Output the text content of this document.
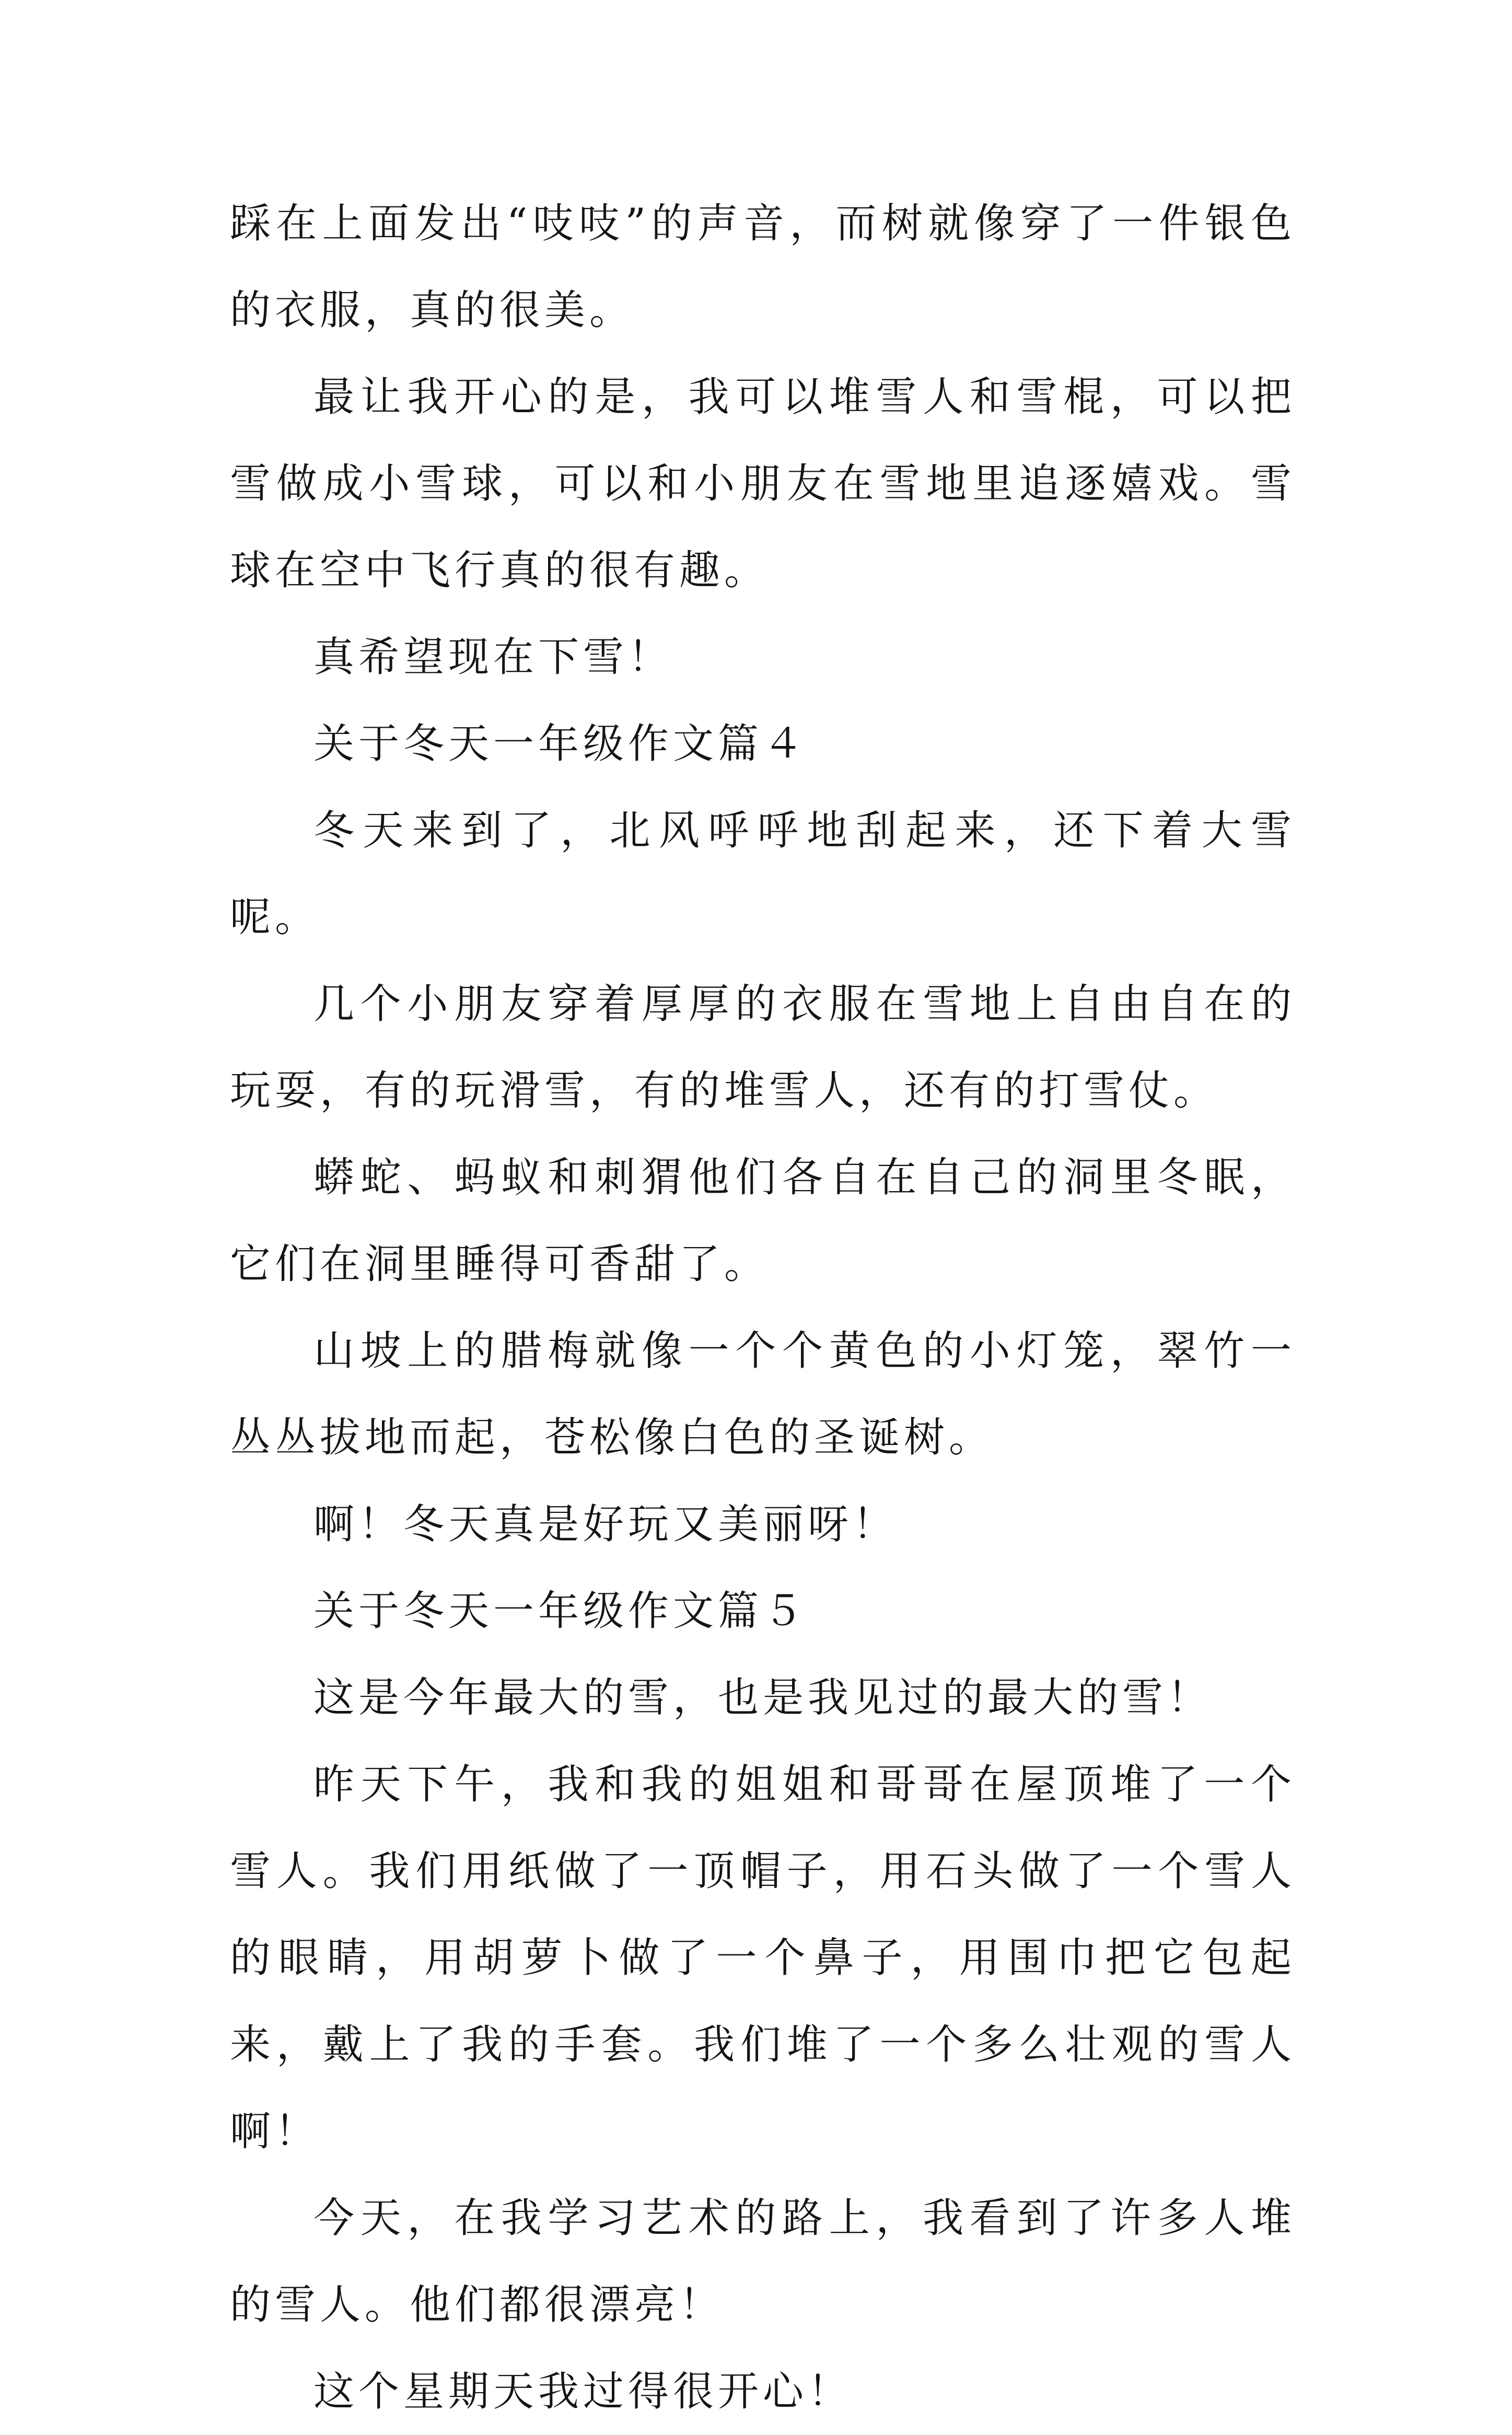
踩在上面发出“吱吱”的声音，而树就像穿了一件银色的衣服，真的很美。

最让我开心的是，我可以堆雪人和雪棍，可以把雪做成小雪球，可以和小朋友在雪地里追逐嬉戏。雪球在空中飞行真的很有趣。

真希望现在下雪！

关于冬天一年级作文篇４

冬天来到了，北风呼呼地刮起来，还下着大雪呢。

几个小朋友穿着厚厚的衣服在雪地上自由自在的玩耍，有的玩滑雪，有的堆雪人，还有的打雪仗。

蟒蛇、蚂蚁和刺猬他们各自在自己的洞里冬眠，它们在洞里睡得可香甜了。

山坡上的腊梅就像一个个黄色的小灯笼，翠竹一丛丛拔地而起，苍松像白色的圣诞树。

啊！冬天真是好玩又美丽呀！

关于冬天一年级作文篇５

这是今年最大的雪，也是我见过的最大的雪！

昨天下午，我和我的姐姐和哥哥在屋顶堆了一个雪人。我们用纸做了一顶帽子，用石头做了一个雪人的眼睛，用胡萝卜做了一个鼻子，用围巾把它包起来，戴上了我的手套。我们堆了一个多么壮观的雪人啊！

今天，在我学习艺术的路上，我看到了许多人堆的雪人。他们都很漂亮！

这个星期天我过得很开心！
